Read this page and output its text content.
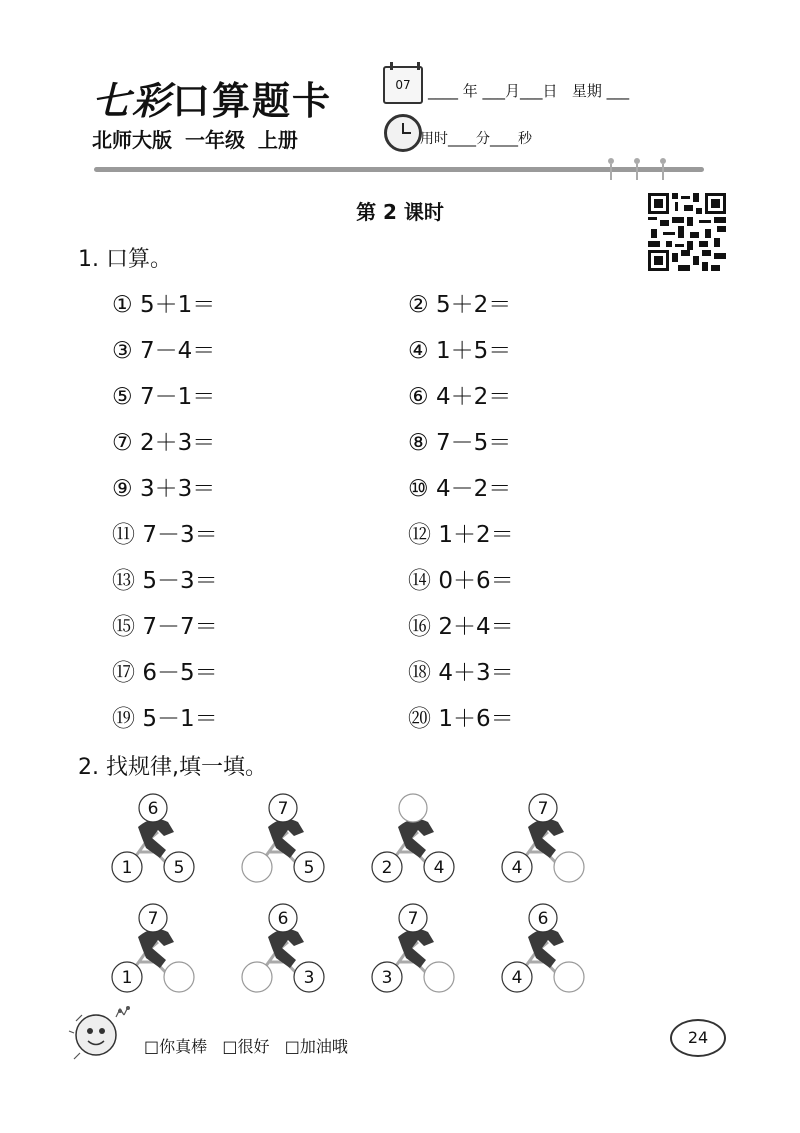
七彩口算题卡	07	____ 年 ___月___日   星期 ___
北师大版 一年级 上册	用时____分____秒
第 2 课时
1. 口算。
① 5＋1＝	② 5＋2＝
③ 7－4＝	④ 1＋5＝
⑤ 7－1＝	⑥ 4＋2＝
⑦ 2＋3＝	⑧ 7－5＝
⑨ 3＋3＝	⑩ 4－2＝
⑪ 7－3＝	⑫ 1＋2＝
⑬ 5－3＝	⑭ 0＋6＝
⑮ 7－7＝	⑯ 2＋4＝
⑰ 6－5＝	⑱ 4＋3＝
⑲ 5－1＝	⑳ 1＋6＝
2. 找规律,填一填。
6
1 5
7
5	2 4
7
4
7
1
6
3
7
3
6
4
□你真棒 □很好 □加油哦	24
